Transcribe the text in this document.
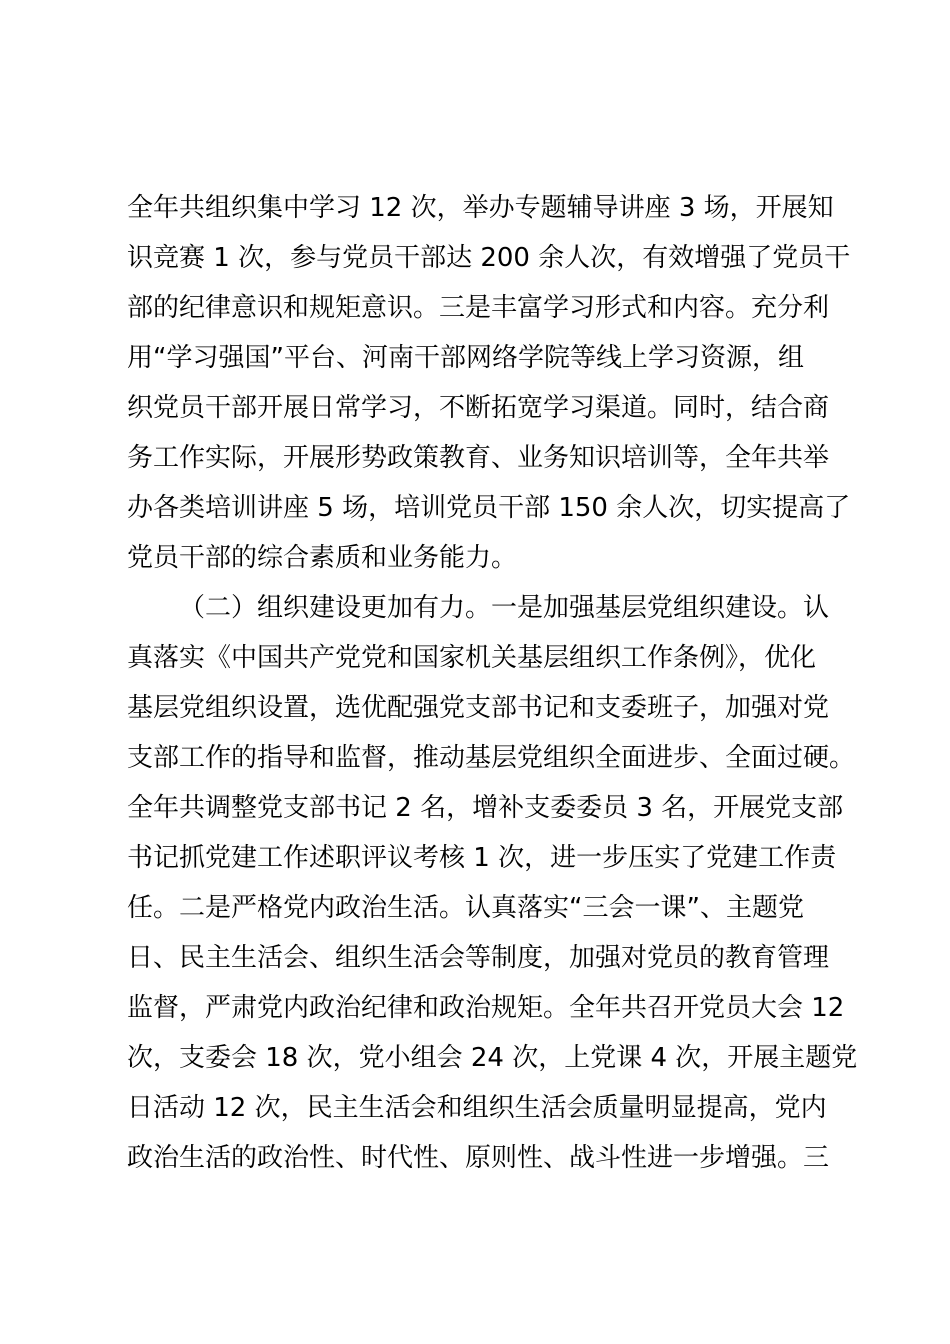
全年共组织集中学习 12 次，举办专题辅导讲座 3 场，开展知
识竞赛 1 次，参与党员干部达 200 余人次，有效增强了党员干
部的纪律意识和规矩意识。三是丰富学习形式和内容。充分利
用“学习强国”平台、河南干部网络学院等线上学习资源，组
织党员干部开展日常学习，不断拓宽学习渠道。同时，结合商
务工作实际，开展形势政策教育、业务知识培训等，全年共举
办各类培训讲座 5 场，培训党员干部 150 余人次，切实提高了
党员干部的综合素质和业务能力。
（二）组织建设更加有力。一是加强基层党组织建设。认
真落实《中国共产党党和国家机关基层组织工作条例》，优化
基层党组织设置，选优配强党支部书记和支委班子，加强对党
支部工作的指导和监督，推动基层党组织全面进步、全面过硬。
全年共调整党支部书记 2 名，增补支委委员 3 名，开展党支部
书记抓党建工作述职评议考核 1 次，进一步压实了党建工作责
任。二是严格党内政治生活。认真落实“三会一课”、主题党
日、民主生活会、组织生活会等制度，加强对党员的教育管理
监督，严肃党内政治纪律和政治规矩。全年共召开党员大会 12
次，支委会 18 次，党小组会 24 次，上党课 4 次，开展主题党
日活动 12 次，民主生活会和组织生活会质量明显提高，党内
政治生活的政治性、时代性、原则性、战斗性进一步增强。三
